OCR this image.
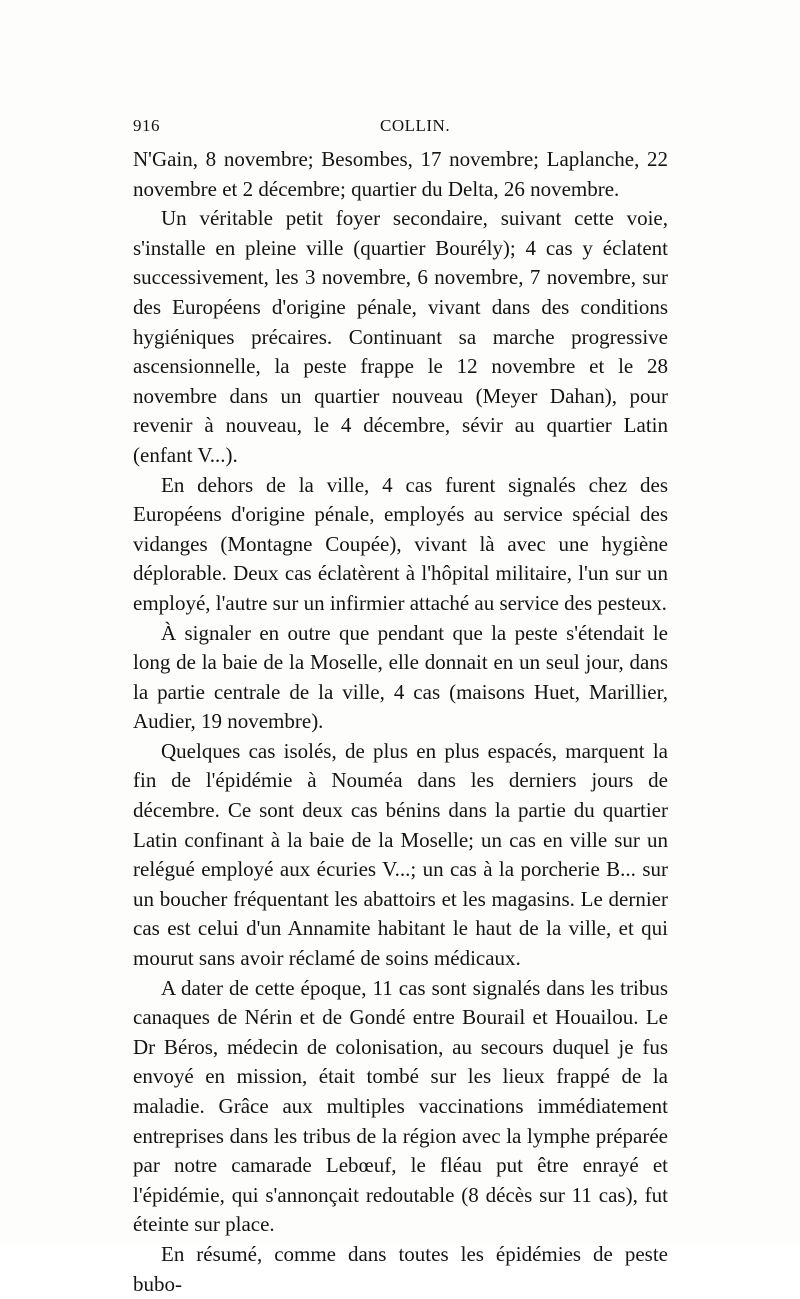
916	COLLIN.

N'Gain, 8 novembre; Besombes, 17 novembre; Laplanche, 22 novembre et 2 décembre; quartier du Delta, 26 novembre.

Un véritable petit foyer secondaire, suivant cette voie, s'installe en pleine ville (quartier Bourély); 4 cas y éclatent successivement, les 3 novembre, 6 novembre, 7 novembre, sur des Européens d'origine pénale, vivant dans des conditions hygiéniques précaires. Continuant sa marche progressive ascensionnelle, la peste frappe le 12 novembre et le 28 novembre dans un quartier nouveau (Meyer Dahan), pour revenir à nouveau, le 4 décembre, sévir au quartier Latin (enfant V...).

En dehors de la ville, 4 cas furent signalés chez des Européens d'origine pénale, employés au service spécial des vidanges (Montagne Coupée), vivant là avec une hygiène déplorable. Deux cas éclatèrent à l'hôpital militaire, l'un sur un employé, l'autre sur un infirmier attaché au service des pesteux.

À signaler en outre que pendant que la peste s'étendait le long de la baie de la Moselle, elle donnait en un seul jour, dans la partie centrale de la ville, 4 cas (maisons Huet, Marillier, Audier, 19 novembre).

Quelques cas isolés, de plus en plus espacés, marquent la fin de l'épidémie à Nouméa dans les derniers jours de décembre. Ce sont deux cas bénins dans la partie du quartier Latin confinant à la baie de la Moselle; un cas en ville sur un relégué employé aux écuries V...; un cas à la porcherie B... sur un boucher fréquentant les abattoirs et les magasins. Le dernier cas est celui d'un Annamite habitant le haut de la ville, et qui mourut sans avoir réclamé de soins médicaux.

A dater de cette époque, 11 cas sont signalés dans les tribus canaques de Nérin et de Gondé entre Bourail et Houailou. Le Dr Béros, médecin de colonisation, au secours duquel je fus envoyé en mission, était tombé sur les lieux frappé de la maladie. Grâce aux multiples vaccinations immédiatement entreprises dans les tribus de la région avec la lymphe préparée par notre camarade Lebœuf, le fléau put être enrayé et l'épidémie, qui s'annonçait redoutable (8 décès sur 11 cas), fut éteinte sur place.

En résumé, comme dans toutes les épidémies de peste bubo-
